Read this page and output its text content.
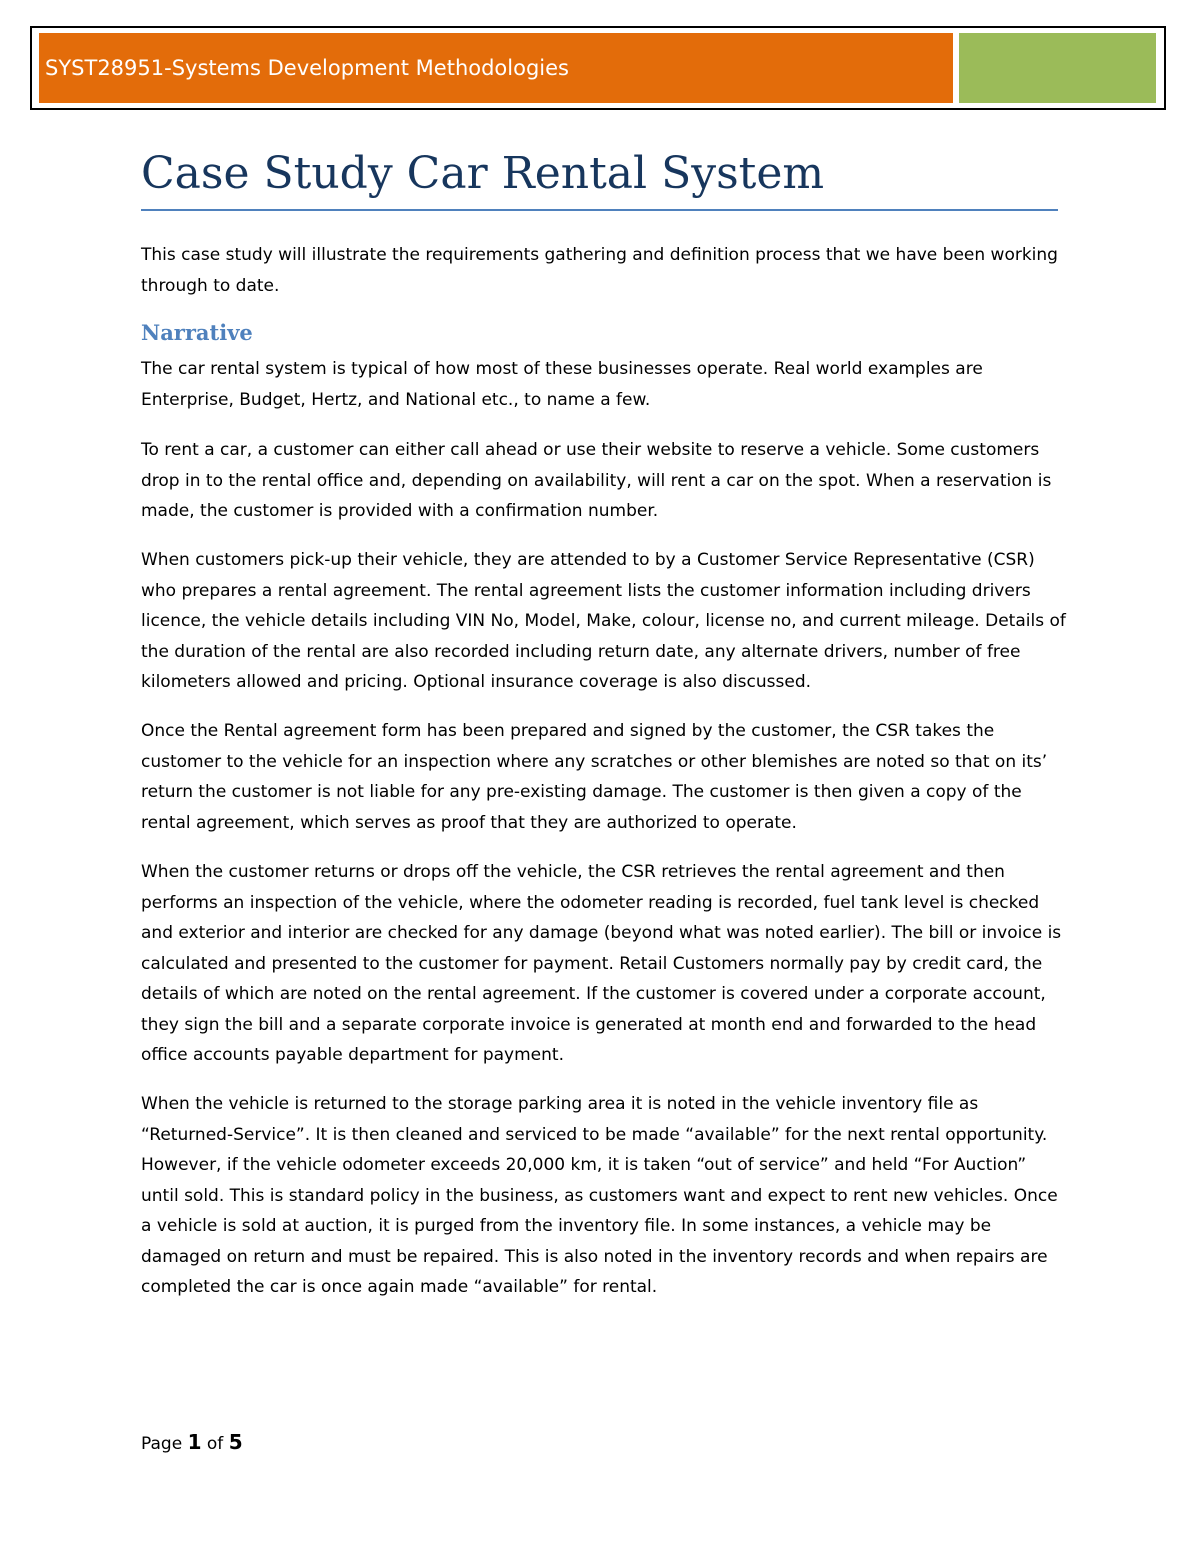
SYST28951-Systems Development Methodologies
Case Study Car Rental System

This case study will illustrate the requirements gathering and definition process that we have been working through to date.

Narrative

The car rental system is typical of how most of these businesses operate. Real world examples are Enterprise, Budget, Hertz, and National etc., to name a few.

To rent a car, a customer can either call ahead or use their website to reserve a vehicle. Some customers drop in to the rental office and, depending on availability, will rent a car on the spot. When a reservation is made, the customer is provided with a confirmation number.

When customers pick-up their vehicle, they are attended to by a Customer Service Representative (CSR) who prepares a rental agreement. The rental agreement lists the customer information including drivers licence, the vehicle details including VIN No, Model, Make, colour, license no, and current mileage. Details of the duration of the rental are also recorded including return date, any alternate drivers, number of free kilometers allowed and pricing. Optional insurance coverage is also discussed.

Once the Rental agreement form has been prepared and signed by the customer, the CSR takes the customer to the vehicle for an inspection where any scratches or other blemishes are noted so that on its’ return the customer is not liable for any pre-existing damage. The customer is then given a copy of the rental agreement, which serves as proof that they are authorized to operate.

When the customer returns or drops off the vehicle, the CSR retrieves the rental agreement and then performs an inspection of the vehicle, where the odometer reading is recorded, fuel tank level is checked and exterior and interior are checked for any damage (beyond what was noted earlier). The bill or invoice is calculated and presented to the customer for payment. Retail Customers normally pay by credit card, the details of which are noted on the rental agreement. If the customer is covered under a corporate account, they sign the bill and a separate corporate invoice is generated at month end and forwarded to the head office accounts payable department for payment.

When the vehicle is returned to the storage parking area it is noted in the vehicle inventory file as “Returned-Service”. It is then cleaned and serviced to be made “available” for the next rental opportunity. However, if the vehicle odometer exceeds 20,000 km, it is taken “out of service” and held “For Auction” until sold. This is standard policy in the business, as customers want and expect to rent new vehicles. Once a vehicle is sold at auction, it is purged from the inventory file. In some instances, a vehicle may be damaged on return and must be repaired. This is also noted in the inventory records and when repairs are completed the car is once again made “available” for rental.

Page 1 of 5
